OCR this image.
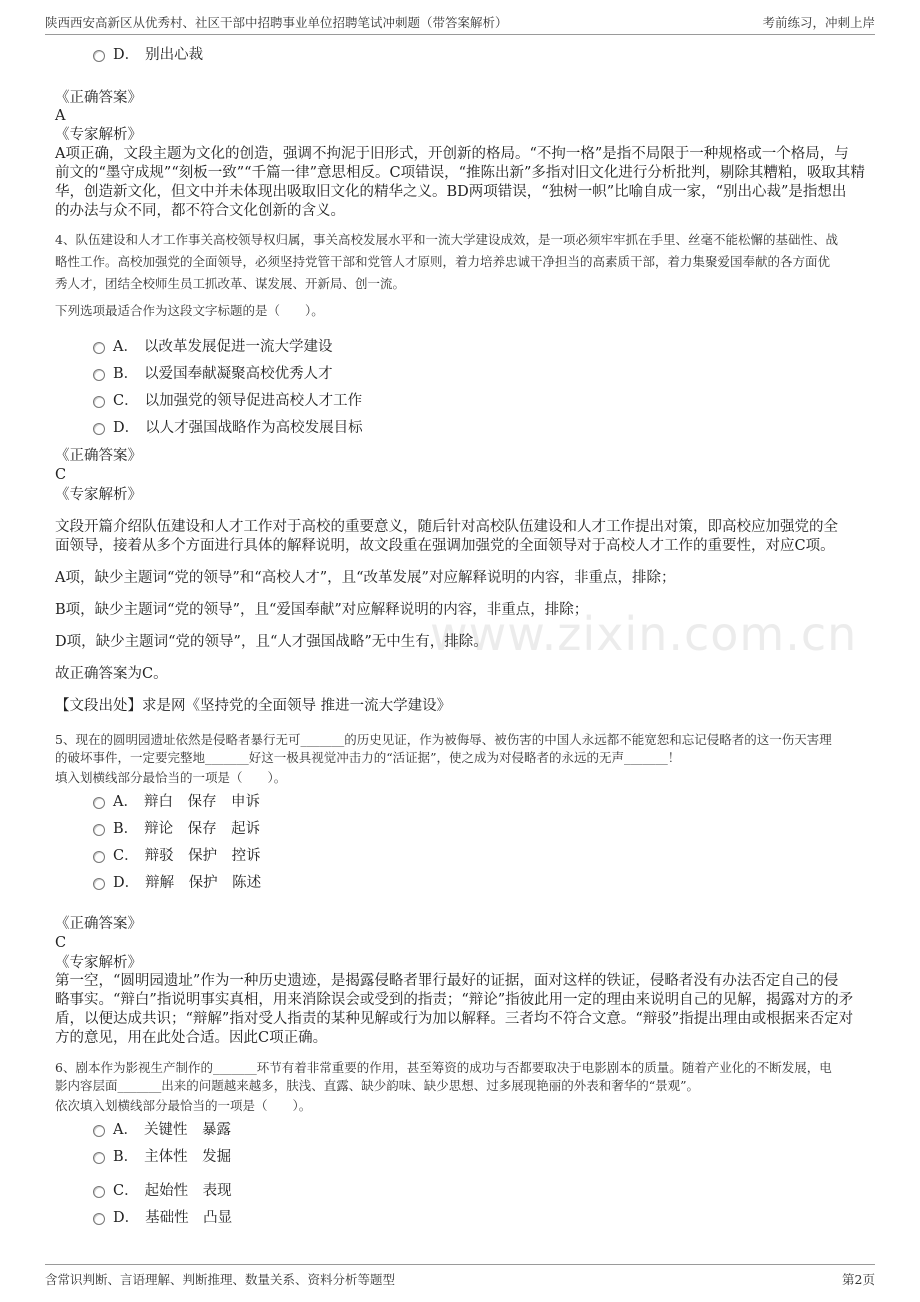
陕西西安高新区从优秀村、社区干部中招聘事业单位招聘笔试冲刺题（带答案解析）	考前练习，冲刺上岸
www.zixin.com.cn
D． 别出心裁
《正确答案》
A
《专家解析》
A项正确，文段主题为文化的创造，强调不拘泥于旧形式，开创新的格局。“不拘一格”是指不局限于一种规格或一个格局，与
前文的“墨守成规”“刻板一致”“千篇一律”意思相反。C项错误，“推陈出新”多指对旧文化进行分析批判，剔除其糟粕，吸取其精
华，创造新文化，但文中并未体现出吸取旧文化的精华之义。BD两项错误，“独树一帜”比喻自成一家，“别出心裁”是指想出
的办法与众不同，都不符合文化创新的含义。
4、队伍建设和人才工作事关高校领导权归属，事关高校发展水平和一流大学建设成效，是一项必须牢牢抓在手里、丝毫不能松懈的基础性、战
略性工作。高校加强党的全面领导，必须坚持党管干部和党管人才原则，着力培养忠诚干净担当的高素质干部，着力集聚爱国奉献的各方面优
秀人才，团结全校师生员工抓改革、谋发展、开新局、创一流。
下列选项最适合作为这段文字标题的是（　　）。
A． 以改革发展促进一流大学建设
B． 以爱国奉献凝聚高校优秀人才
C． 以加强党的领导促进高校人才工作
D． 以人才强国战略作为高校发展目标
《正确答案》
C
《专家解析》
文段开篇介绍队伍建设和人才工作对于高校的重要意义，随后针对高校队伍建设和人才工作提出对策，即高校应加强党的全
面领导，接着从多个方面进行具体的解释说明，故文段重在强调加强党的全面领导对于高校人才工作的重要性，对应C项。
A项，缺少主题词“党的领导”和“高校人才”，且“改革发展”对应解释说明的内容，非重点，排除；
B项，缺少主题词“党的领导”，且“爱国奉献”对应解释说明的内容，非重点，排除；
D项，缺少主题词“党的领导”，且“人才强国战略”无中生有，排除。
故正确答案为C。
【文段出处】求是网《坚持党的全面领导 推进一流大学建设》
5、现在的圆明园遗址依然是侵略者暴行无可_______的历史见证，作为被侮辱、被伤害的中国人永远都不能宽恕和忘记侵略者的这一伤天害理
的破坏事件，一定要完整地_______好这一极具视觉冲击力的“活证据”，使之成为对侵略者的永远的无声_______！
填入划横线部分最恰当的一项是（　　）。
A． 辩白　保存　申诉
B． 辩论　保存　起诉
C． 辩驳　保护　控诉
D． 辩解　保护　陈述
《正确答案》
C
《专家解析》
第一空，“圆明园遗址”作为一种历史遗迹，是揭露侵略者罪行最好的证据，面对这样的铁证，侵略者没有办法否定自己的侵
略事实。“辩白”指说明事实真相，用来消除误会或受到的指责；“辩论”指彼此用一定的理由来说明自己的见解，揭露对方的矛
盾，以便达成共识；“辩解”指对受人指责的某种见解或行为加以解释。三者均不符合文意。“辩驳”指提出理由或根据来否定对
方的意见，用在此处合适。因此C项正确。
6、剧本作为影视生产制作的_______环节有着非常重要的作用，甚至筹资的成功与否都要取决于电影剧本的质量。随着产业化的不断发展，电
影内容层面_______出来的问题越来越多，肤浅、直露、缺少韵味、缺少思想、过多展现艳丽的外表和奢华的“景观”。
依次填入划横线部分最恰当的一项是（　　）。
A． 关键性　暴露
B． 主体性　发掘
C． 起始性　表现
D． 基础性　凸显
含常识判断、言语理解、判断推理、数量关系、资料分析等题型	第2页
